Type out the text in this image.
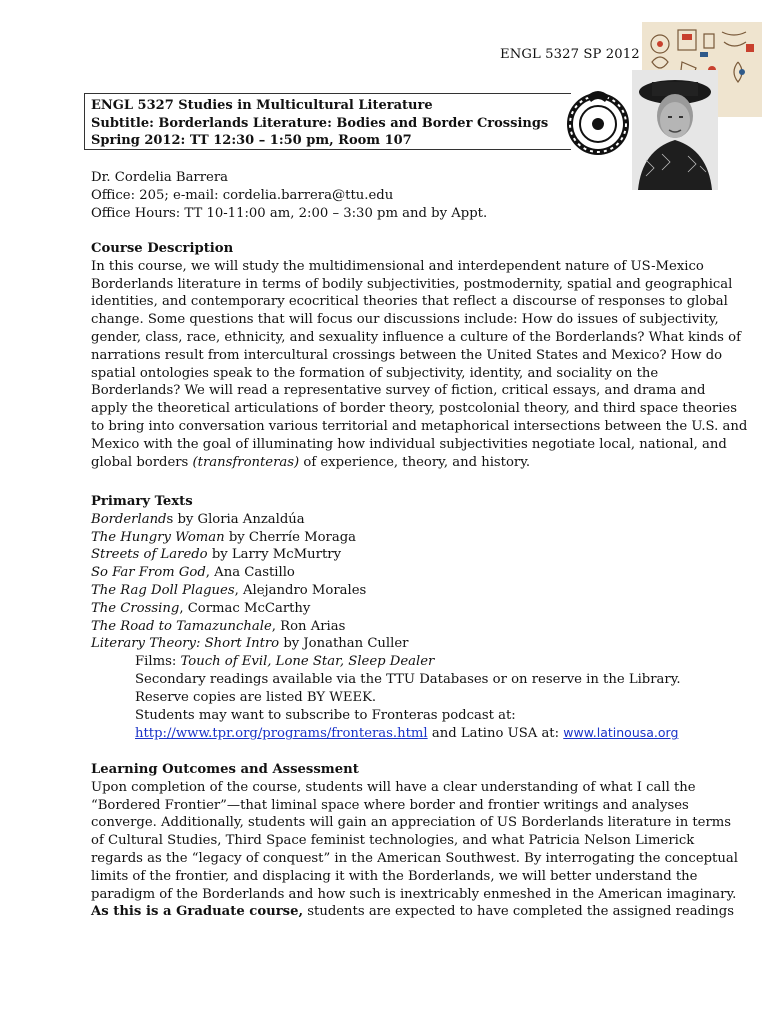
ENGL 5327 SP 2012
ENGL 5327 Studies in Multicultural Literature
Subtitle: Borderlands Literature: Bodies and Border Crossings
Spring 2012: TT 12:30 – 1:50 pm, Room 107
Dr. Cordelia Barrera
Office: 205; e-mail: cordelia.barrera@ttu.edu
Office Hours: TT 10-11:00 am, 2:00 – 3:30 pm and by Appt.
Course Description
In this course, we will study the multidimensional and interdependent nature of US-Mexico
Borderlands literature in terms of bodily subjectivities, postmodernity, spatial and geographical
identities, and contemporary ecocritical theories that reflect a discourse of responses to global
change. Some questions that will focus our discussions include: How do issues of subjectivity,
gender, class, race, ethnicity, and sexuality influence a culture of the Borderlands? What kinds of
narrations result from intercultural crossings between the United States and Mexico? How do
spatial ontologies speak to the formation of subjectivity, identity, and sociality on the
Borderlands? We will read a representative survey of fiction, critical essays, and drama and
apply the theoretical articulations of border theory, postcolonial theory, and third space theories
to bring into conversation various territorial and metaphorical intersections between the U.S. and
Mexico with the goal of illuminating how individual subjectivities negotiate local, national, and
global borders (transfronteras) of experience, theory, and history.
Primary Texts
Borderlands by Gloria Anzaldúa
The Hungry Woman by Cherríe Moraga
Streets of Laredo by Larry McMurtry
So Far From God, Ana Castillo
The Rag Doll Plagues, Alejandro Morales
The Crossing, Cormac McCarthy
The Road to Tamazunchale, Ron Arias
Literary Theory: Short Intro by Jonathan Culler
Films: Touch of Evil, Lone Star, Sleep Dealer
Secondary readings available via the TTU Databases or on reserve in the Library.
Reserve copies are listed BY WEEK.
Students may want to subscribe to Fronteras podcast at:
http://www.tpr.org/programs/fronteras.html and Latino USA at: www.latinousa.org
Learning Outcomes and Assessment
Upon completion of the course, students will have a clear understanding of what I call the
“Bordered Frontier”—that liminal space where border and frontier writings and analyses
converge. Additionally, students will gain an appreciation of US Borderlands literature in terms
of Cultural Studies, Third Space feminist technologies, and what Patricia Nelson Limerick
regards as the “legacy of conquest” in the American Southwest. By interrogating the conceptual
limits of the frontier, and displacing it with the Borderlands, we will better understand the
paradigm of the Borderlands and how such is inextricably enmeshed in the American imaginary.
As this is a Graduate course, students are expected to have completed the assigned readings
